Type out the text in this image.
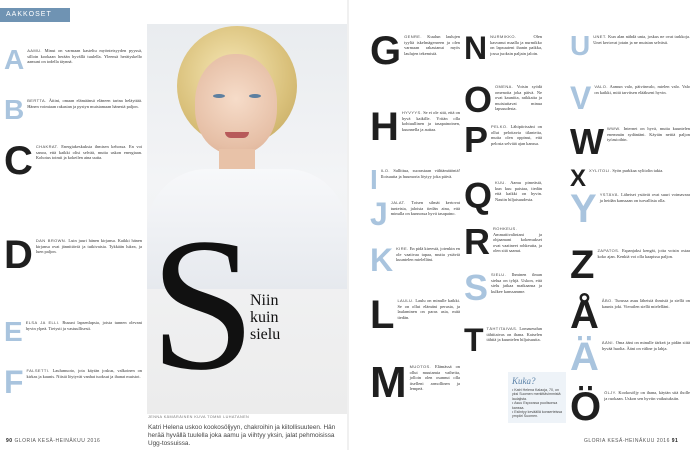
AAKKOSET
AAAMU. Minut on varmaan kasteltu myönteisyyden pyyssä, silloin kookaan herään hyvällä tuulella. Yleensä herätyskello aamuni on todella täynnä.
BBERTTA. Äitini, omaan elämäänsä eläneen tarina heläyttää. Hänen voimiaan rakastan ja pystyn muistamaan hänestä paljon.
CCHAKRAT. Energiakeskuksia ihmisen kehossa. En voi sanoa, että kaikki olisi selvää, mutta uskon energiaan. Kohotus toimii ja kokeilen aina uutta.
DDAN BROWN. Luin juuri hänen kirjansa. Kaikki hänen kirjansa ovat jännittäviä ja tutkivaisia. Tykkään lukea, ja luen paljon.
EELSA JA ELLI. Rusuni lapsenlapsia, joista tunnen olevani hyvin ylpeä. Tietysti ja vastuullisesti.
FFALSETTI. Laulumuoto, jota käytän joskus, valkoinen on kirkas ja kaunis. Niistä löytyvät vanhat tuoksut ja ihanat muistot. S
Niin
kuin
sielu
JENNA KÄMÄRÄINEN KUVA TOMMI LUHATANEN
Katri Helena uskoo kookosöljyyn, chakroihin ja kiitollisuuteen. Hän herää hyvällä tuulella joka aamu ja viihtyy yksin, jalat pehmoisissa Ugg-tossuissa.
GGENRE. Kuulun laulujen tyyliä iskelmägenreen ja olen varmaan rakastanut myös laulujen tekemistä.
HHYVYYS. Se ei ole sitä, että on hyvä kaikille. Yritän olla kohtuullinen ja tasapainoinen, kuunnella ja auttaa.
IILO. Sallittua, suorastaan välttämätöntä! Iloisuutta ja huumoria löytyy joka päivä.
JJALAT. Toisen silmät kertovat tunteista, jaloista tiedän aina, että minulla on kunnossa hyvä tasapaino.
KKIRE. En pidä kireestä, jotenkin en ole vaativaa tapaa, mutta ystäviä kuuntelen mielelläni.
LLAULU. Laulu on minulle kaikki. Se on ollut elämäni perusta, ja laulaminen on paras asia, mitä tiedän.
MMUOTOS. Elämässä on ollut muutamia vaiheita, jolloin olen osannut olla itselleni armollinen ja lempeä.
NNURMIKKO.	Olen kasvanut maalla ja nurmikko on lapsuuteni ihanin paikka, jossa juoksin paljain jaloin.
OOMENA. Voisin syödä omenoita joka päivä. Ne ovat kauniita, raikkaita ja muistuttavat minua lapsuudesta.
PPELKO. Lähipiirissäni on ollut pelottavia tilanteita, mutta olen oppinut, että pelosta selviää ajan kanssa.
QKUU. Aamu pimeästä, kun kuu paistaa, tiedän että kaikki on hyvin. Nautin hiljaisuudesta.
RROHKEUS. Ammattivalintani ja ohjaamani kokemukset ovat vaatineet rohkeutta, ja olen sitä saanut.
SSIELU. Ihminen ilman sielua on tyhjä. Uskon, että sielu jatkaa matkaansa ja kulkee kanssamme.
TTÄHTITAIVAS. Lomaseudun tähtitaivas on ihana. Katselen tähtiä ja kuuntelen hiljaisuutta.
Kuka?
• Katri Helena Kalaoja, 70, on yksi Suomen merkittävimmistä laulajista.
• Asuu Espoossa puolisonsa kanssa.
• Esiintyy keväällä konserteissa ympäri Suomen.
UUNET. Kun alan nähdä unia, joskus ne ovat tarkkoja. Unet kertovat jotain ja ne muistan selvästi.
VVALO. Aamun valo, päivänvalo, mielen valo. Valo on kaikki, mitä tarvitsen elääkseni hyvin.
WWWW. Internet on hyvä, mutta kuuntelen enemmän sydäntäni. Käytän nettiä paljon työasioihin.
XXYLITOLI. Syön purkkaa xylitolin takia.
YYSTÄVÄ. Läheiset ystävät ovat suuri voimavara ja heidän kanssaan on turvallista olla.
ZZAPATOS. Espanjaksi kengät, joita voisin ostaa koko ajan. Kenkiä voi olla kaapissa paljon.
ÅÅBO. Turussa asuu läheisiä ihmisiä ja siellä on kaunis joki. Vierailen siellä mielelläni.
ÄÄÄNI. Oma ääni on minulle tärkeä ja pidän siitä hyvää huolta. Ääni on väline ja lahja.
ÖÖLJY. Kookosöljy on ihana, käytän sitä iholle ja ruokaan. Uskon sen hyviin vaikutuksiin.
90 GLORIA KESÄ-HEINÄKUU 2016	GLORIA KESÄ-HEINÄKUU 2016 91
